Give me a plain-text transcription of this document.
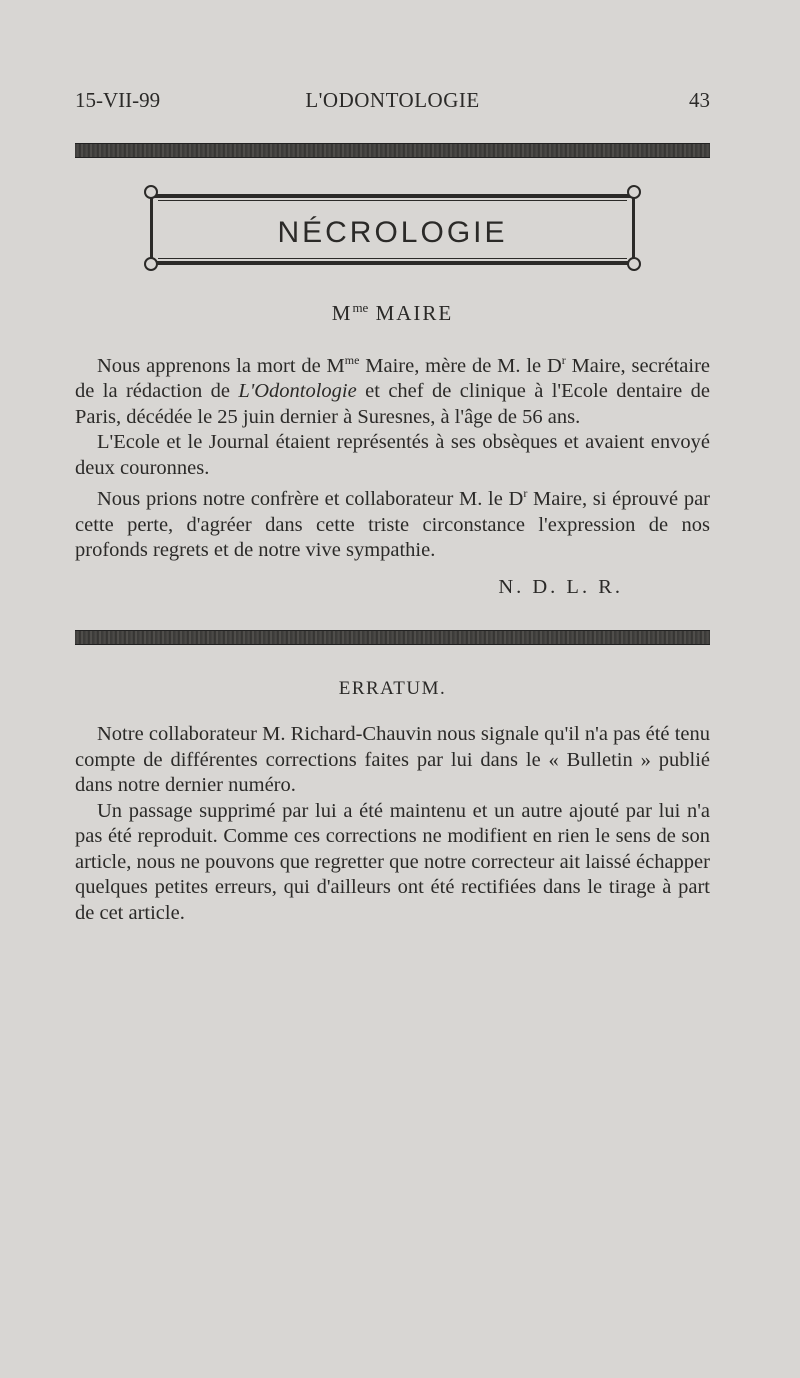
15-VII-99	L'ODONTOLOGIE	43
NÉCROLOGIE
$M^{me}$ MAIRE

Nous apprenons la mort de $M^{me}$ Maire, mère de M. le $D^r$ Maire, secrétaire de la rédaction de L'Odontologie et chef de clinique à l'Ecole dentaire de Paris, décédée le 25 juin dernier à Suresnes, à l'âge de 56 ans.

L'Ecole et le Journal étaient représentés à ses obsèques et avaient envoyé deux couronnes.

Nous prions notre confrère et collaborateur M. le $D^r$ Maire, si éprouvé par cette perte, d'agréer dans cette triste circonstance l'expression de nos profonds regrets et de notre vive sympathie.

N. D. L. R.
ERRATUM.

Notre collaborateur M. Richard-Chauvin nous signale qu'il n'a pas été tenu compte de différentes corrections faites par lui dans le « Bulletin » publié dans notre dernier numéro.

Un passage supprimé par lui a été maintenu et un autre ajouté par lui n'a pas été reproduit. Comme ces corrections ne modifient en rien le sens de son article, nous ne pouvons que regretter que notre correcteur ait laissé échapper quelques petites erreurs, qui d'ailleurs ont été rectifiées dans le tirage à part de cet article.
